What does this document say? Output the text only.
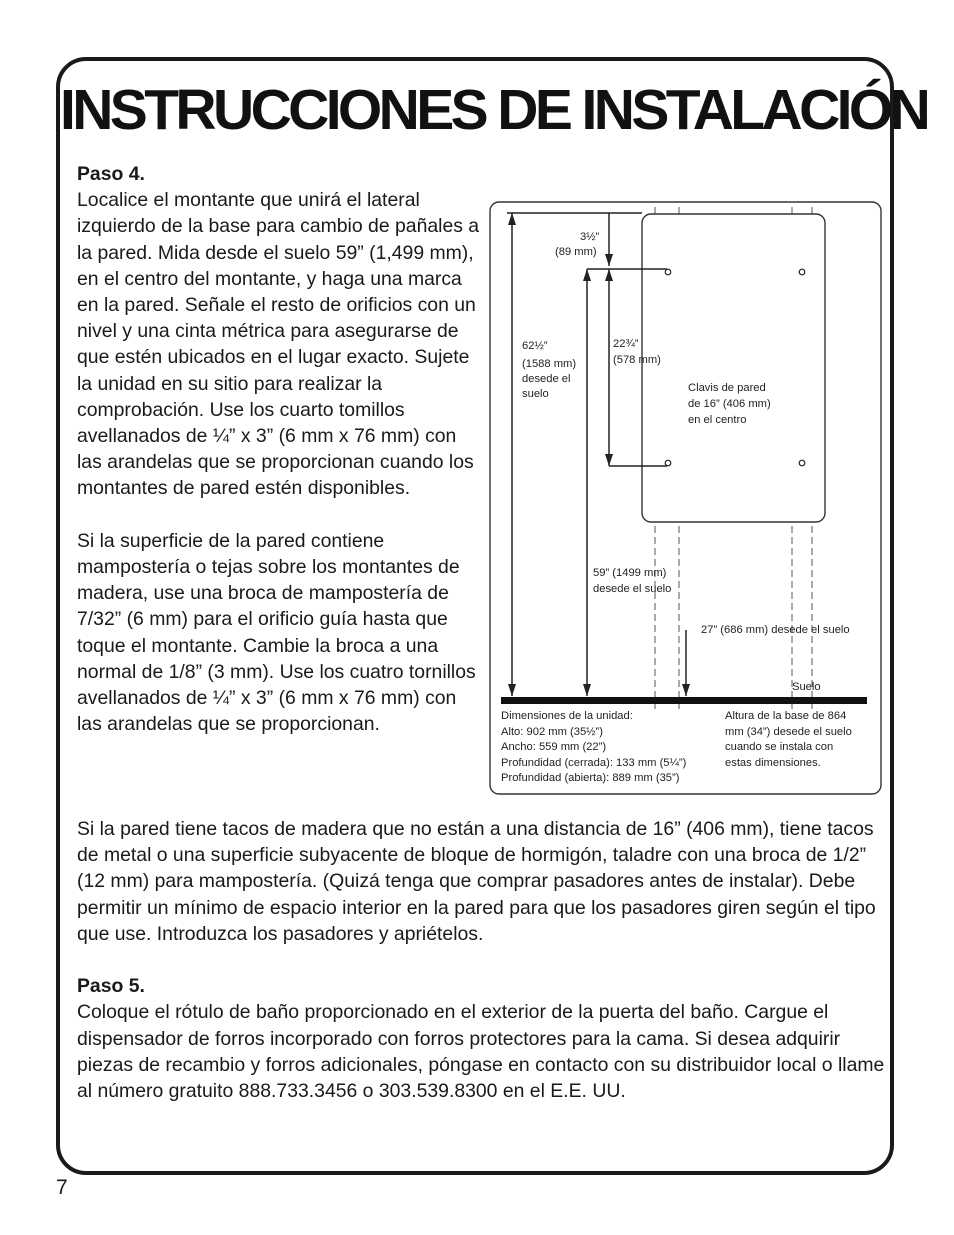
INSTRUCCIONES DE INSTALACIÓN

Paso 4.

Localice el montante que unirá el lateral izquierdo de la base para cambio de pañales a la pared. Mida desde el suelo 59” (1,499 mm), en el centro del montante, y haga una marca en la pared. Señale el resto de orificios con un nivel y una cinta métrica para asegurarse de que estén ubicados en el lugar exacto. Sujete la unidad en su sitio para realizar la comprobación. Use los cuarto tomillos avellanados de ¼” x 3” (6 mm x 76 mm) con las arandelas que se proporcionan cuando los montantes de pared estén disponibles.

Si la superficie de la pared contiene mampostería o tejas sobre los montantes de madera, use una broca de mampostería de 7/32” (6 mm) para el orificio guía hasta que toque el montante. Cambie la broca a una normal de 1/8” (3 mm). Use los cuatro tornillos avellanados de ¼” x 3” (6 mm x 76 mm) con las arandelas que se proporcionan.

Si la pared tiene tacos de madera que no están a una distancia de 16” (406 mm), tiene tacos de metal o una superficie subyacente de bloque de hormigón, taladre con una broca de 1/2” (12 mm) para mampostería. (Quizá tenga que comprar pasadores antes de instalar). Debe permitir un mínimo de espacio interior en la pared para que los pasadores giren según el tipo que use. Introduzca los pasadores y apriételos.

Paso 5.

Coloque el rótulo de baño proporcionado en el exterior de la puerta del baño. Cargue el dispensador de forros incorporado con forros protectores para la cama. Si desea adquirir piezas de recambio y forros adicionales, póngase en contacto con su distribuidor local o llame al número gratuito 888.733.3456 o 303.539.8300 en el E.E. UU.

7
3½”
(89 mm)
62½”
(1588 mm)
desede el
suelo
22¾”
(578 mm)
Clavis de pared
de 16” (406 mm)
en el centro
59” (1499 mm)
desede el suelo
27” (686 mm) desede el suelo
Suelo
Dimensiones de la unidad:
Alto: 902 mm (35½”)
Ancho: 559 mm (22”)
Profundidad (cerrada): 133 mm (5¼”)
Profundidad (abierta): 889 mm (35”)
Altura de la base de 864
mm (34”) desede el suelo
cuando se instala con
estas dimensiones.
